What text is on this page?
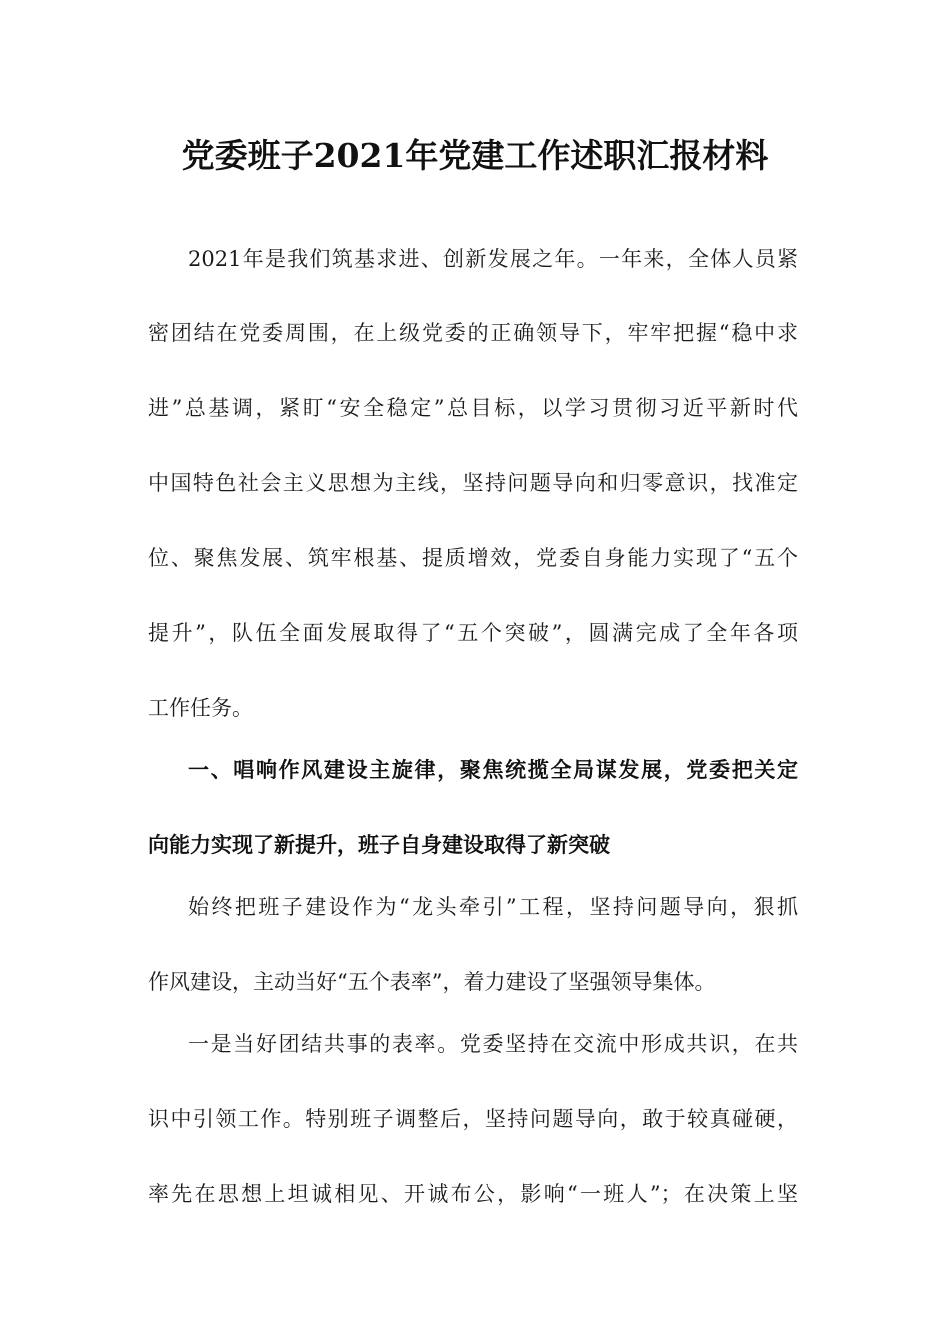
党委班子2021年党建工作述职汇报材料
2021年是我们筑基求进、创新发展之年。一年来，全体人员紧
密团结在党委周围，在上级党委的正确领导下，牢牢把握“稳中求
进”总基调，紧盯“安全稳定”总目标，以学习贯彻习近平新时代
中国特色社会主义思想为主线，坚持问题导向和归零意识，找准定
位、聚焦发展、筑牢根基、提质增效，党委自身能力实现了“五个
提升”，队伍全面发展取得了“五个突破”，圆满完成了全年各项
工作任务。
一、唱响作风建设主旋律，聚焦统揽全局谋发展，党委把关定
向能力实现了新提升，班子自身建设取得了新突破
始终把班子建设作为“龙头牵引”工程，坚持问题导向，狠抓
作风建设，主动当好“五个表率”，着力建设了坚强领导集体。
一是当好团结共事的表率。党委坚持在交流中形成共识，在共
识中引领工作。特别班子调整后，坚持问题导向，敢于较真碰硬，
率先在思想上坦诚相见、开诚布公，影响“一班人”；在决策上坚
